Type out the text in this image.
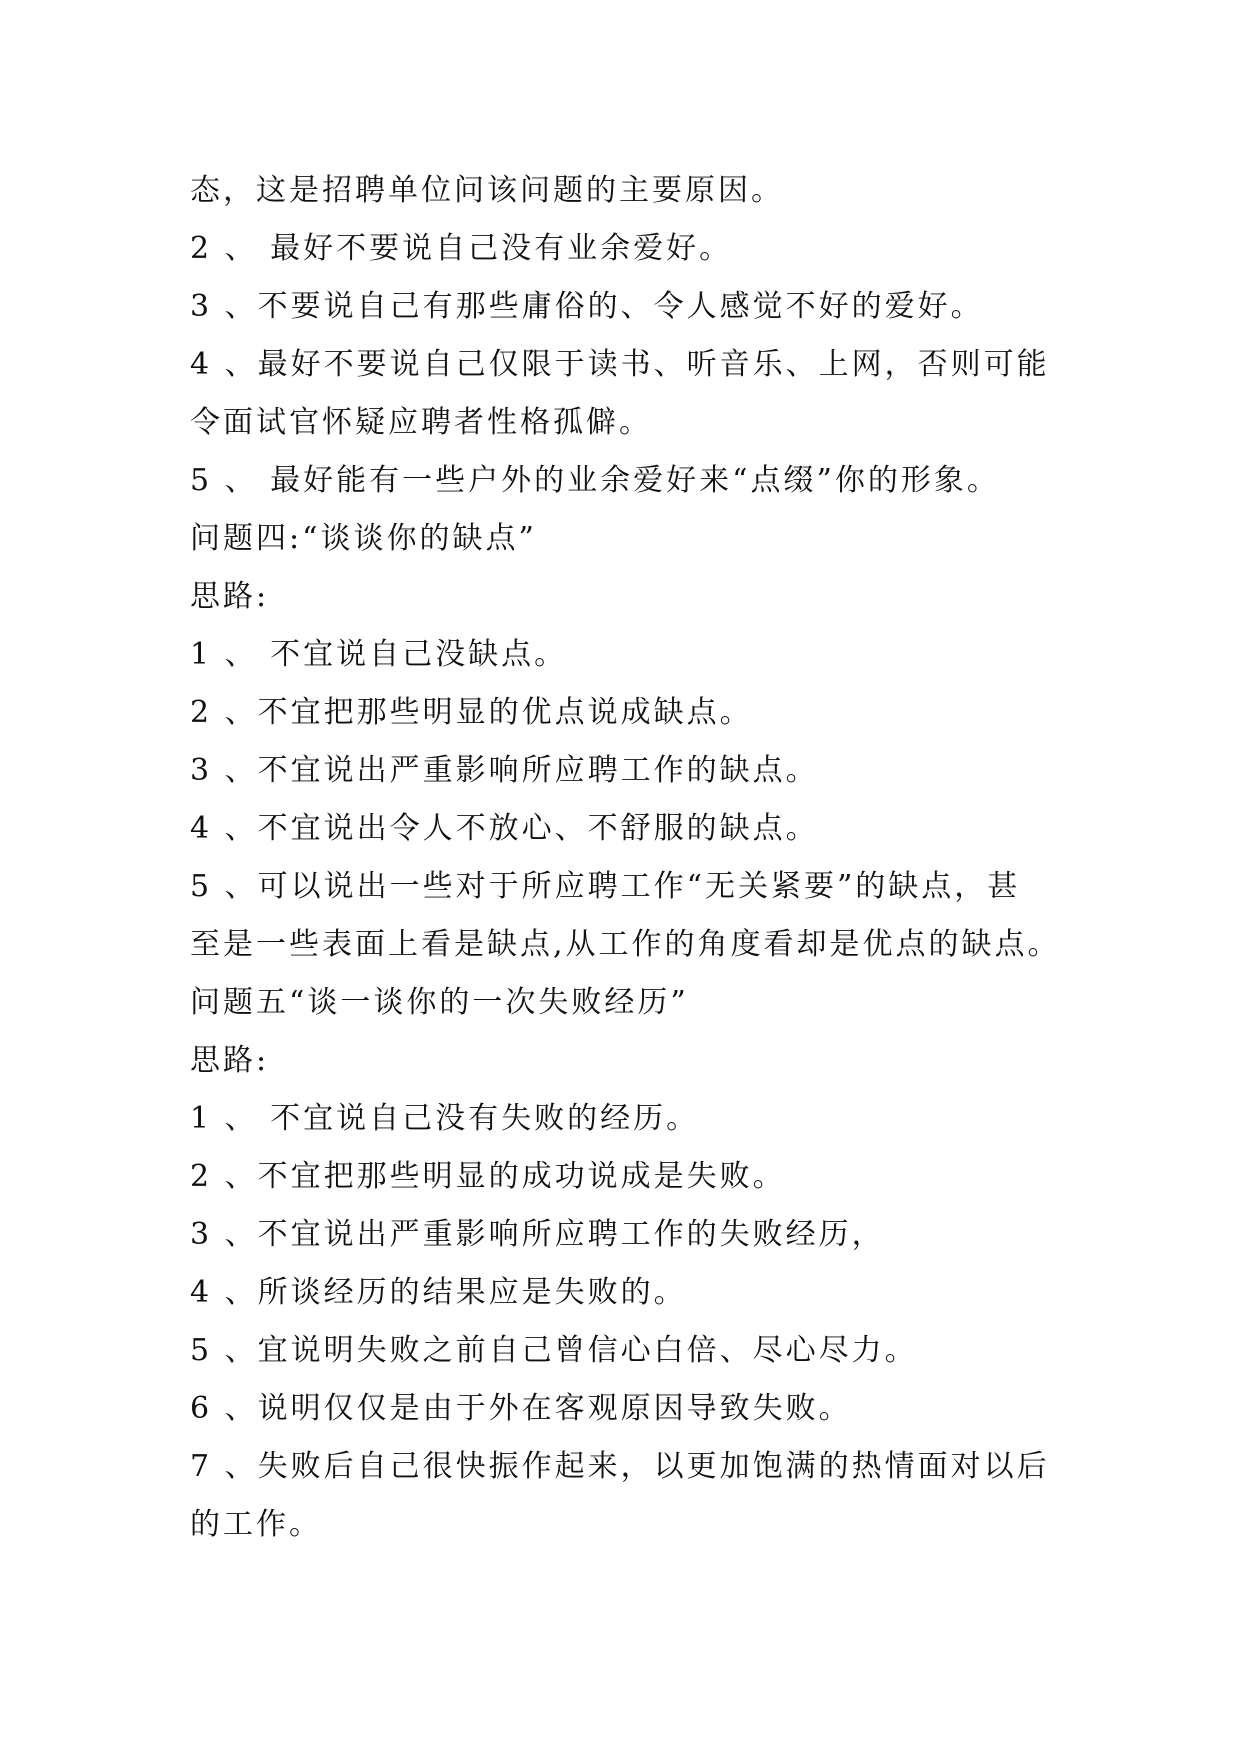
态，这是招聘单位问该问题的主要原因。
2 、 最好不要说自己没有业余爱好。
3 、不要说自己有那些庸俗的、令人感觉不好的爱好。
4 、最好不要说自己仅限于读书、听音乐、上网，否则可能
令面试官怀疑应聘者性格孤僻。
5 、 最好能有一些户外的业余爱好来“点缀”你的形象。
问题四:“谈谈你的缺点”
思路:
1 、 不宜说自己没缺点。
2 、不宜把那些明显的优点说成缺点。
3 、不宜说出严重影响所应聘工作的缺点。
4 、不宜说出令人不放心、不舒服的缺点。
5 、可以说出一些对于所应聘工作“无关紧要”的缺点，甚
至是一些表面上看是缺点,从工作的角度看却是优点的缺点。
问题五“谈一谈你的一次失败经历”
思路:
1 、 不宜说自己没有失败的经历。
2 、不宜把那些明显的成功说成是失败。
3 、不宜说出严重影响所应聘工作的失败经历，
4 、所谈经历的结果应是失败的。
5 、宜说明失败之前自己曾信心白倍、尽心尽力。
6 、说明仅仅是由于外在客观原因导致失败。
7 、失败后自己很快振作起来，以更加饱满的热情面对以后
的工作。
